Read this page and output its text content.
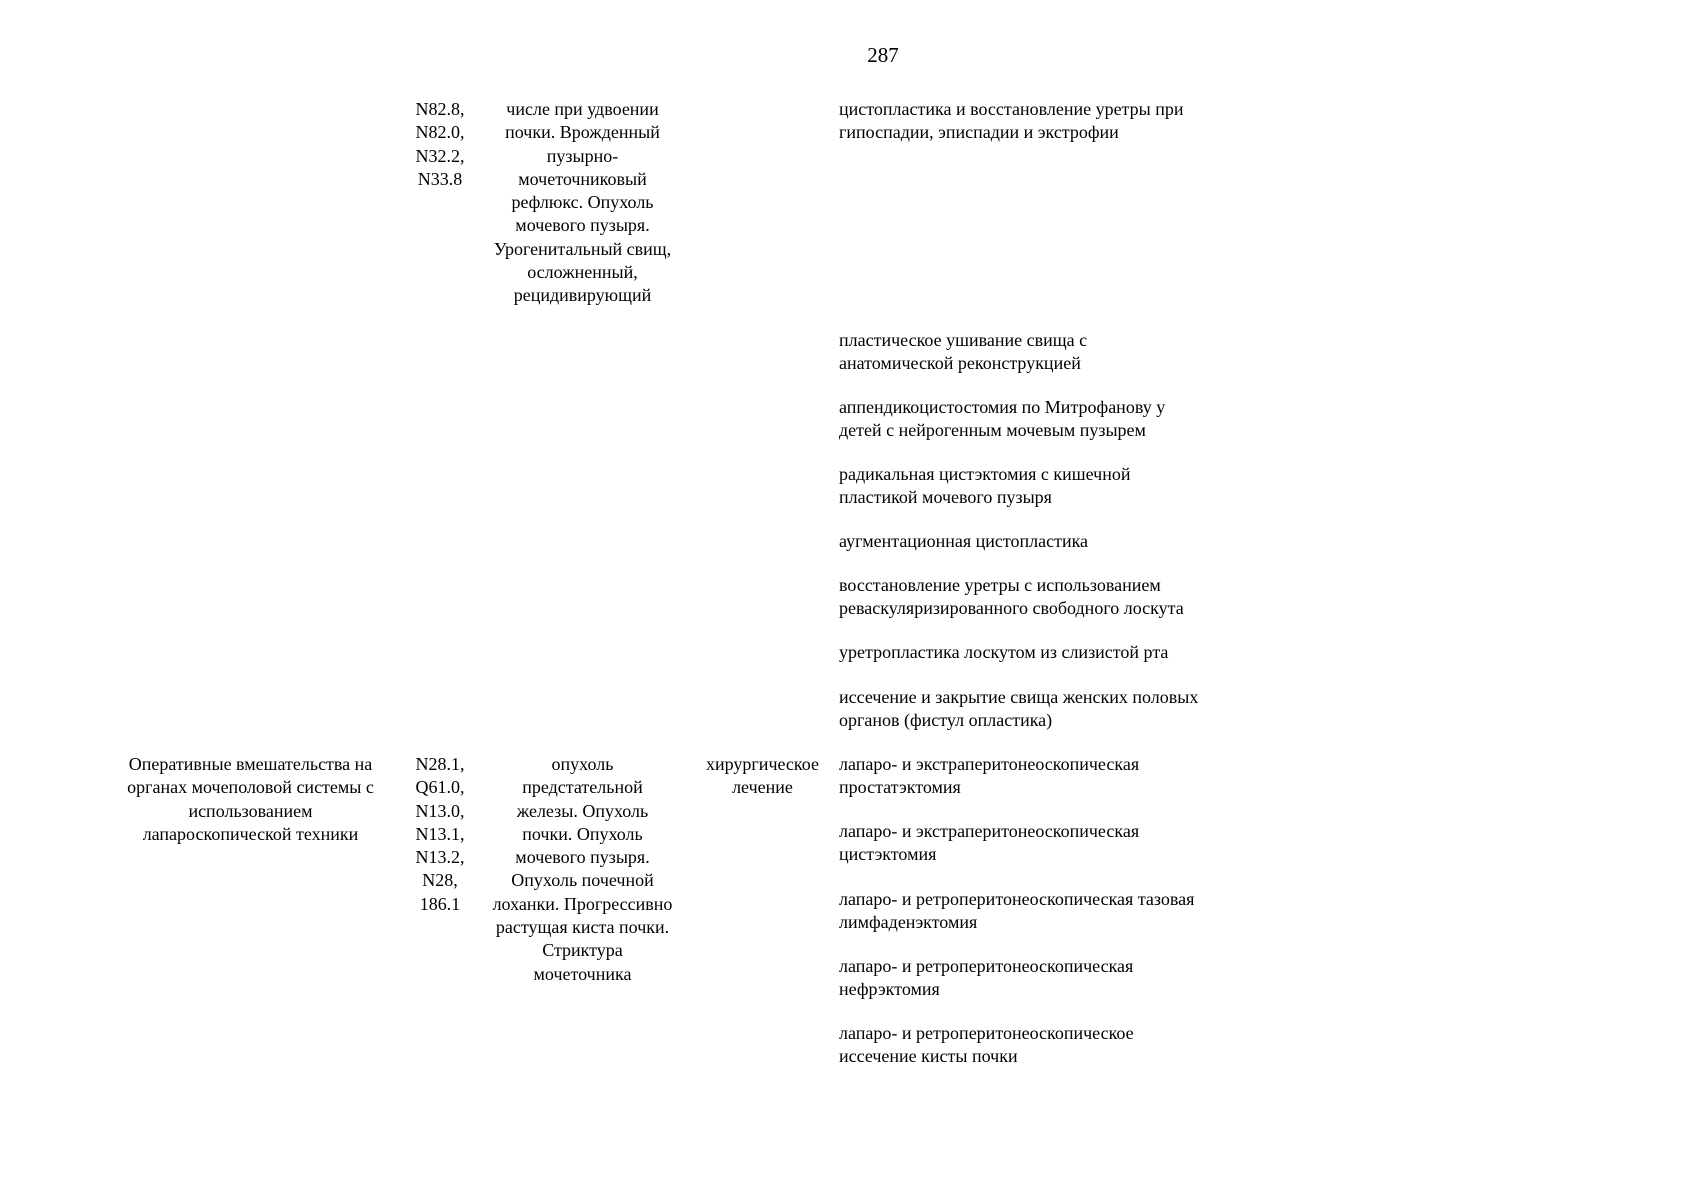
287
N82.8,
N82.0,
N32.2,
N33.8
числе при удвоении
почки. Врожденный
пузырно-
мочеточниковый
рефлюкс. Опухоль
мочевого пузыря.
Урогенитальный свищ,
осложненный,
рецидивирующий
цистопластика и восстановление уретры при
гипоспадии, эписпадии и экстрофии
пластическое ушивание свища с
анатомической реконструкцией
аппендикоцистостомия по Митрофанову у
детей с нейрогенным мочевым пузырем
радикальная цистэктомия с кишечной
пластикой мочевого пузыря
аугментационная цистопластика
восстановление уретры с использованием
реваскуляризированного свободного лоскута
уретропластика лоскутом из слизистой рта
иссечение и закрытие свища женских половых
органов (фистул опластика)
Оперативные вмешательства на
органах мочеполовой системы с
использованием
лапароскопической техники
N28.1,
Q61.0,
N13.0,
N13.1,
N13.2,
N28,
186.1
опухоль
предстательной
железы. Опухоль
почки. Опухоль
мочевого пузыря.
Опухоль почечной
лоханки. Прогрессивно
растущая киста почки.
Стриктура
мочеточника
хирургическое
лечение
лапаро- и экстраперитонеоскопическая
простатэктомия
лапаро- и экстраперитонеоскопическая
цистэктомия
лапаро- и ретроперитонеоскопическая тазовая
лимфаденэктомия
лапаро- и ретроперитонеоскопическая
нефрэктомия
лапаро- и ретроперитонеоскопическое
иссечение кисты почки
